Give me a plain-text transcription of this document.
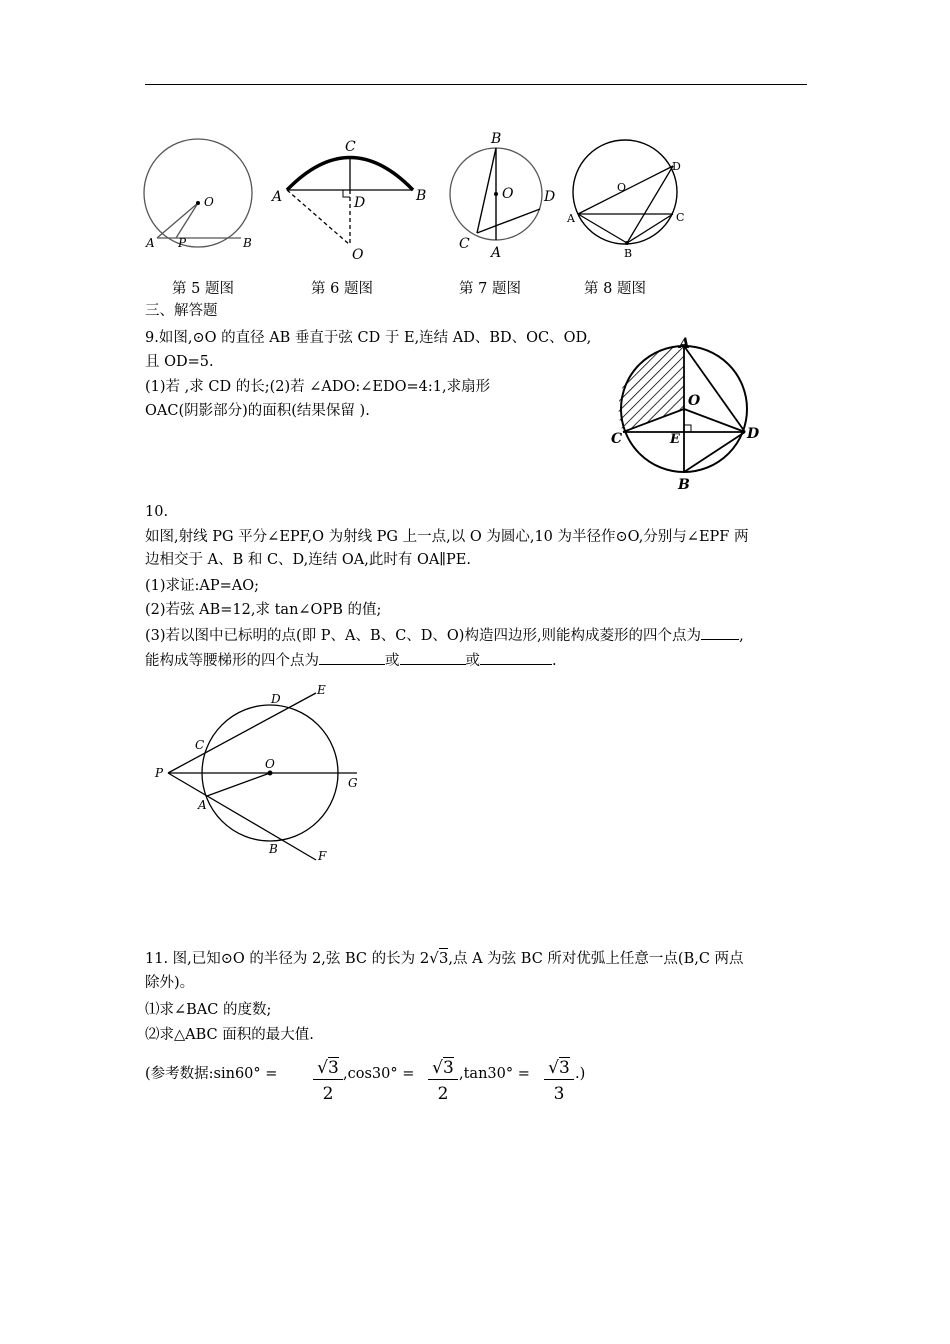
O
A P	B
C
A	D	B
O
B
O D
C
A
D
O
A	C
B
第 5 题图	第 6 题图	第 7 题图	第 8 题图
三、解答题
9.如图,⊙O 的直径 AB 垂直于弦 CD 于 E,连结 AD、BD、OC、OD,
且 OD=5.
(1)若 ,求 CD 的长;(2)若 ∠ADO:∠EDO=4:1,求扇形
OAC(阴影部分)的面积(结果保留 ).
A
O
C	E	D
B
10.
如图,射线 PG 平分∠EPF,O 为射线 PG 上一点,以 O 为圆心,10 为半径作⊙O,分别与∠EPF 两
边相交于 A、B 和 C、D,连结 OA,此时有 OA∥PE.
(1)求证:AP=AO;
(2)若弦 AB=12,求 tan∠OPB 的值;
(3)若以图中已标明的点(即 P、A、B、C、D、O)构造四边形,则能构成菱形的四个点为	,
能构成等腰梯形的四个点为	或	或	.
D
E
C
P
O
G
A
B	F
11. 图,已知⊙O 的半径为 2,弦 BC 的长为 2√3,点 A 为弦 BC 所对优弧上任意一点(B,C 两点
除外)。
⑴求∠BAC 的度数;
⑵求△ABC 面积的最大值.
(参考数据:sin60° = $\frac{√3}{2} ,\cos 30^\circ = \frac{√3}{2} ,\tan 30^\circ = \frac{√3}{3}$ .)
